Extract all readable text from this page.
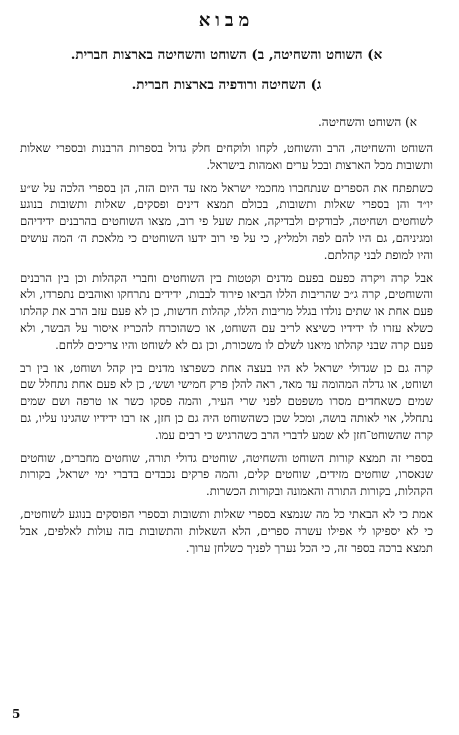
מבוא

א) השוחט והשחיטה, ב) השוחט והשחיטה בארצות חברית.

ג) השחיטה ורודפיה בארצות חברית.

א) השוחט והשחיטה.

השוחט והשחיטה, הרב והשוחט, לקחו ולוקחים חלק גדול בספרות הרבנות ובספרי שאלות ותשובות מכל הארצות ובכל ערים ואמהות בישראל.

כשתפתח את הספרים שנתחברו מחכמי ישראל מאז עד היום הזה, הן בספרי הלכה על ש״ע יו״ד והן בספרי שאלות ותשובות, בכולם תמצא דינים ופסקים, שאלות ותשובות בנוגע לשוחטים ושחיטה, לבודקים ולבדיקה, אמת שעל פי רוב, מצאו השוחטים בהרבנים ידידיהם ומגיניהם, גם היו להם לפה ולמליץ, כי על פי רוב ידעו השוחטים כי מלאכת ה׳ המה עושים והיו למופת לבני קהלתם.

אבל קרה ויקרה כפעם בפעם מדנים וקטטות בין השוחטים וחברי הקהלות וכן בין הרבנים והשוחטים, קרה ג״כ שהריבות הללו הביאו פירוד לבבות, ידידים נתרחקו ואוהבים נתפרדו, ולא פעם אחת או שתים נולדו בגלל מריבות הללו, קהלות חדשות, כן לא פעם עזב הרב את קהלתו כשלא עזרו לו ידידיו כשיצא לריב עם השוחט, או כשהוכרח להכריז איסור על הבשר, ולא פעם קרה שבני קהלתו מיאנו לשלם לו משכורת, וכן גם לא לשוחט והיו צריכים ללחם.

קרה גם כן שגדולי ישראל לא היו בעצה אחת כשפרצו מדנים בין קהל ושוחט, או בין רב ושוחט, או גדלה המהומה עד מאד, ראה להלן פרק חמישי ושש׳, כן לא פעם אחת נתחלל שם שמים כשאחדים מסרו משפטם לפני שרי העיר, והמה פסקו כשר או טרפה ושם שמים נתחלל, אוי לאותה בושה, ומכל שכן כשהשוחט היה גם כן חזן, אז רבו ידידיו שהגינו עליו, גם קרה שהשוחט־חזן לא שמע לדברי הרב כשהרגיש כי רבים עמו.

בספרי זה תמצא קורות השוחט והשחיטה, שוחטים גדולי תורה, שוחטים מחברים, שוחטים שנאסרו, שוחטים מזידים, שוחטים קלים, והמה פרקים נכבדים בדברי ימי ישראל, בקורות הקהלות, בקורות התורה והאמונה ובקורות הכשרות.

אמת כי לא הבאתי כל מה שנמצא בספרי שאלות ותשובות ובספרי הפוסקים בנוגע לשוחטים, כי לא יספיקו לי אפילו עשרה ספרים, הלא השאלות והתשובות בזה עולות לאלפים, אבל תמצא ברכה בספר זה, כי הכל נערך לפניך כשלחן ערוך.

5
